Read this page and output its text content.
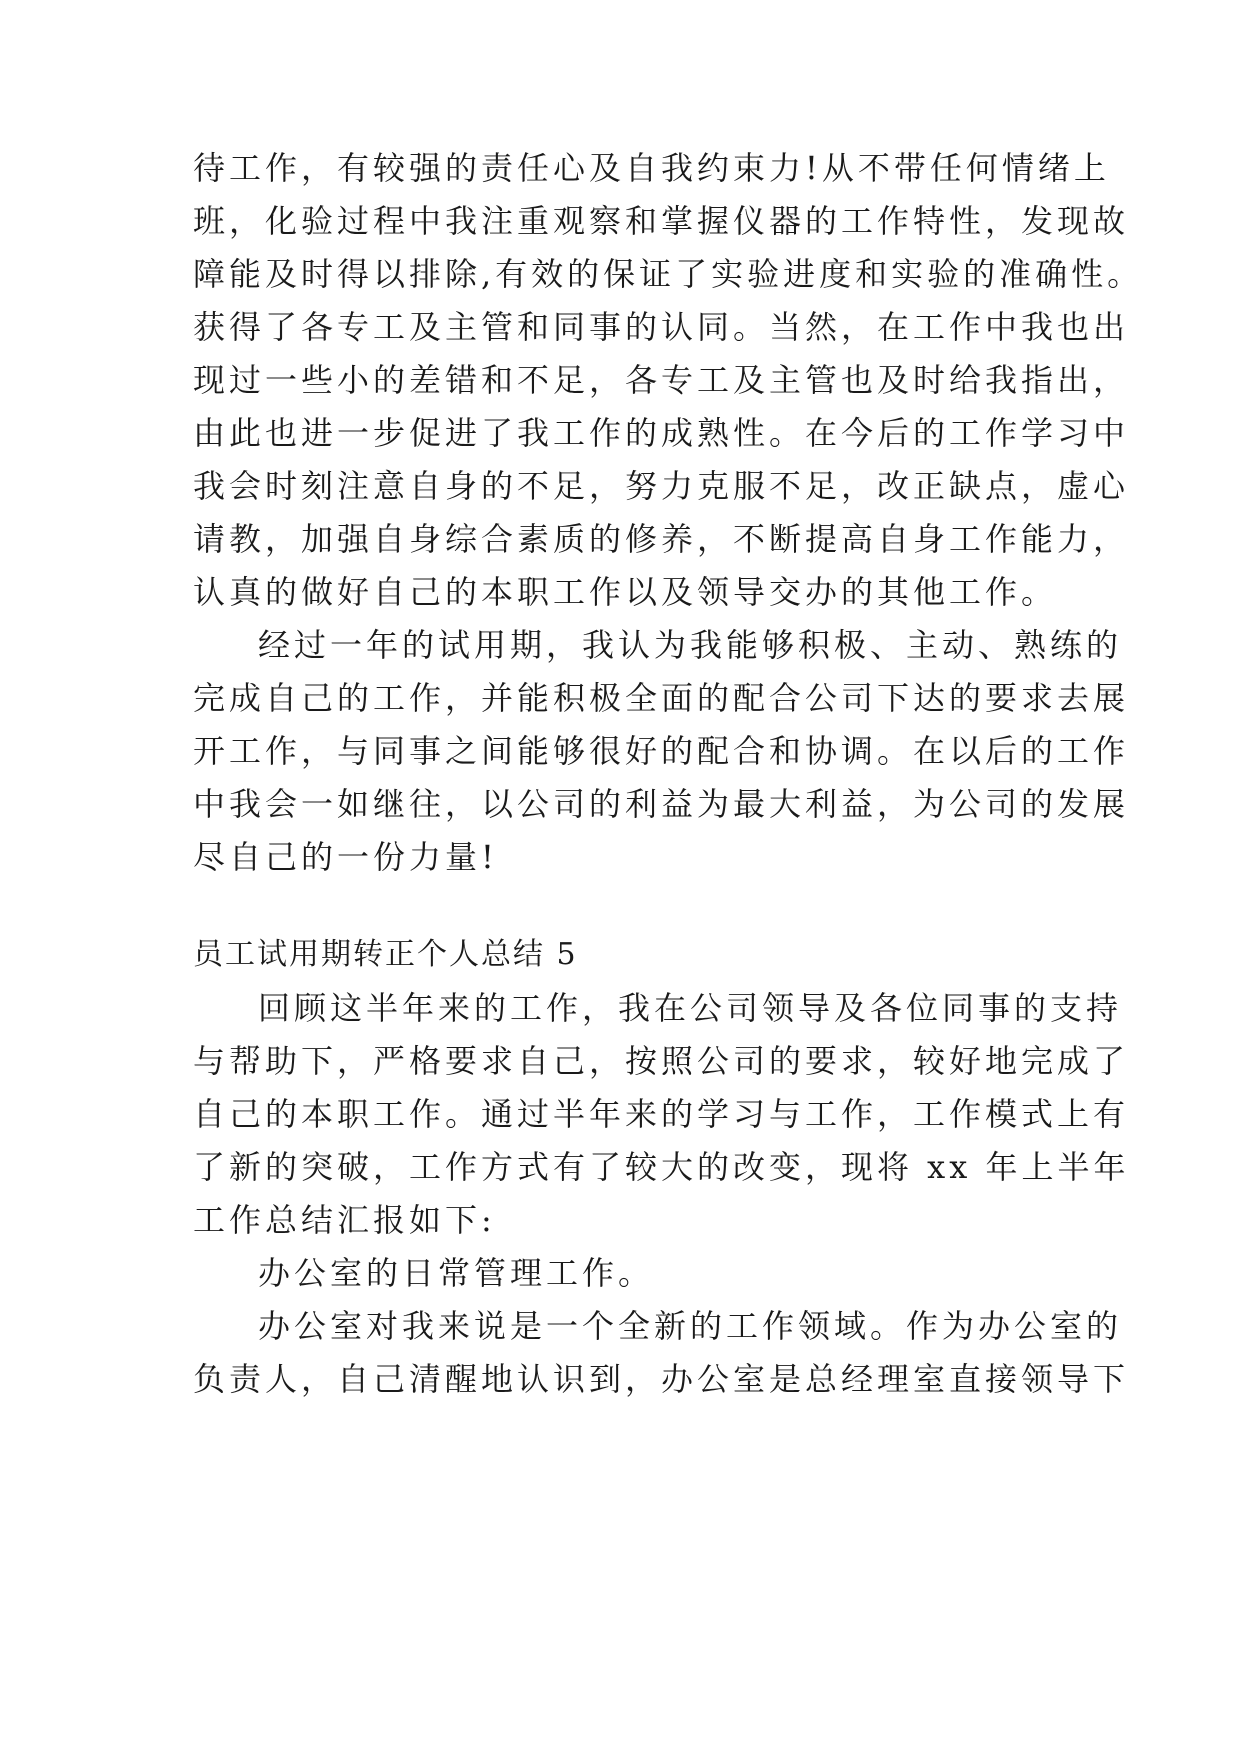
待工作，有较强的责任心及自我约束力!从不带任何情绪上
班，化验过程中我注重观察和掌握仪器的工作特性，发现故
障能及时得以排除,有效的保证了实验进度和实验的准确性。
获得了各专工及主管和同事的认同。当然，在工作中我也出
现过一些小的差错和不足，各专工及主管也及时给我指出，
由此也进一步促进了我工作的成熟性。在今后的工作学习中
我会时刻注意自身的不足，努力克服不足，改正缺点，虚心
请教，加强自身综合素质的修养，不断提高自身工作能力，
认真的做好自己的本职工作以及领导交办的其他工作。
经过一年的试用期，我认为我能够积极、主动、熟练的
完成自己的工作，并能积极全面的配合公司下达的要求去展
开工作，与同事之间能够很好的配合和协调。在以后的工作
中我会一如继往，以公司的利益为最大利益，为公司的发展
尽自己的一份力量!
员工试用期转正个人总结 5
回顾这半年来的工作，我在公司领导及各位同事的支持
与帮助下，严格要求自己，按照公司的要求，较好地完成了
自己的本职工作。通过半年来的学习与工作，工作模式上有
了新的突破，工作方式有了较大的改变，现将 xx 年上半年
工作总结汇报如下:
办公室的日常管理工作。
办公室对我来说是一个全新的工作领域。作为办公室的
负责人，自己清醒地认识到，办公室是总经理室直接领导下
